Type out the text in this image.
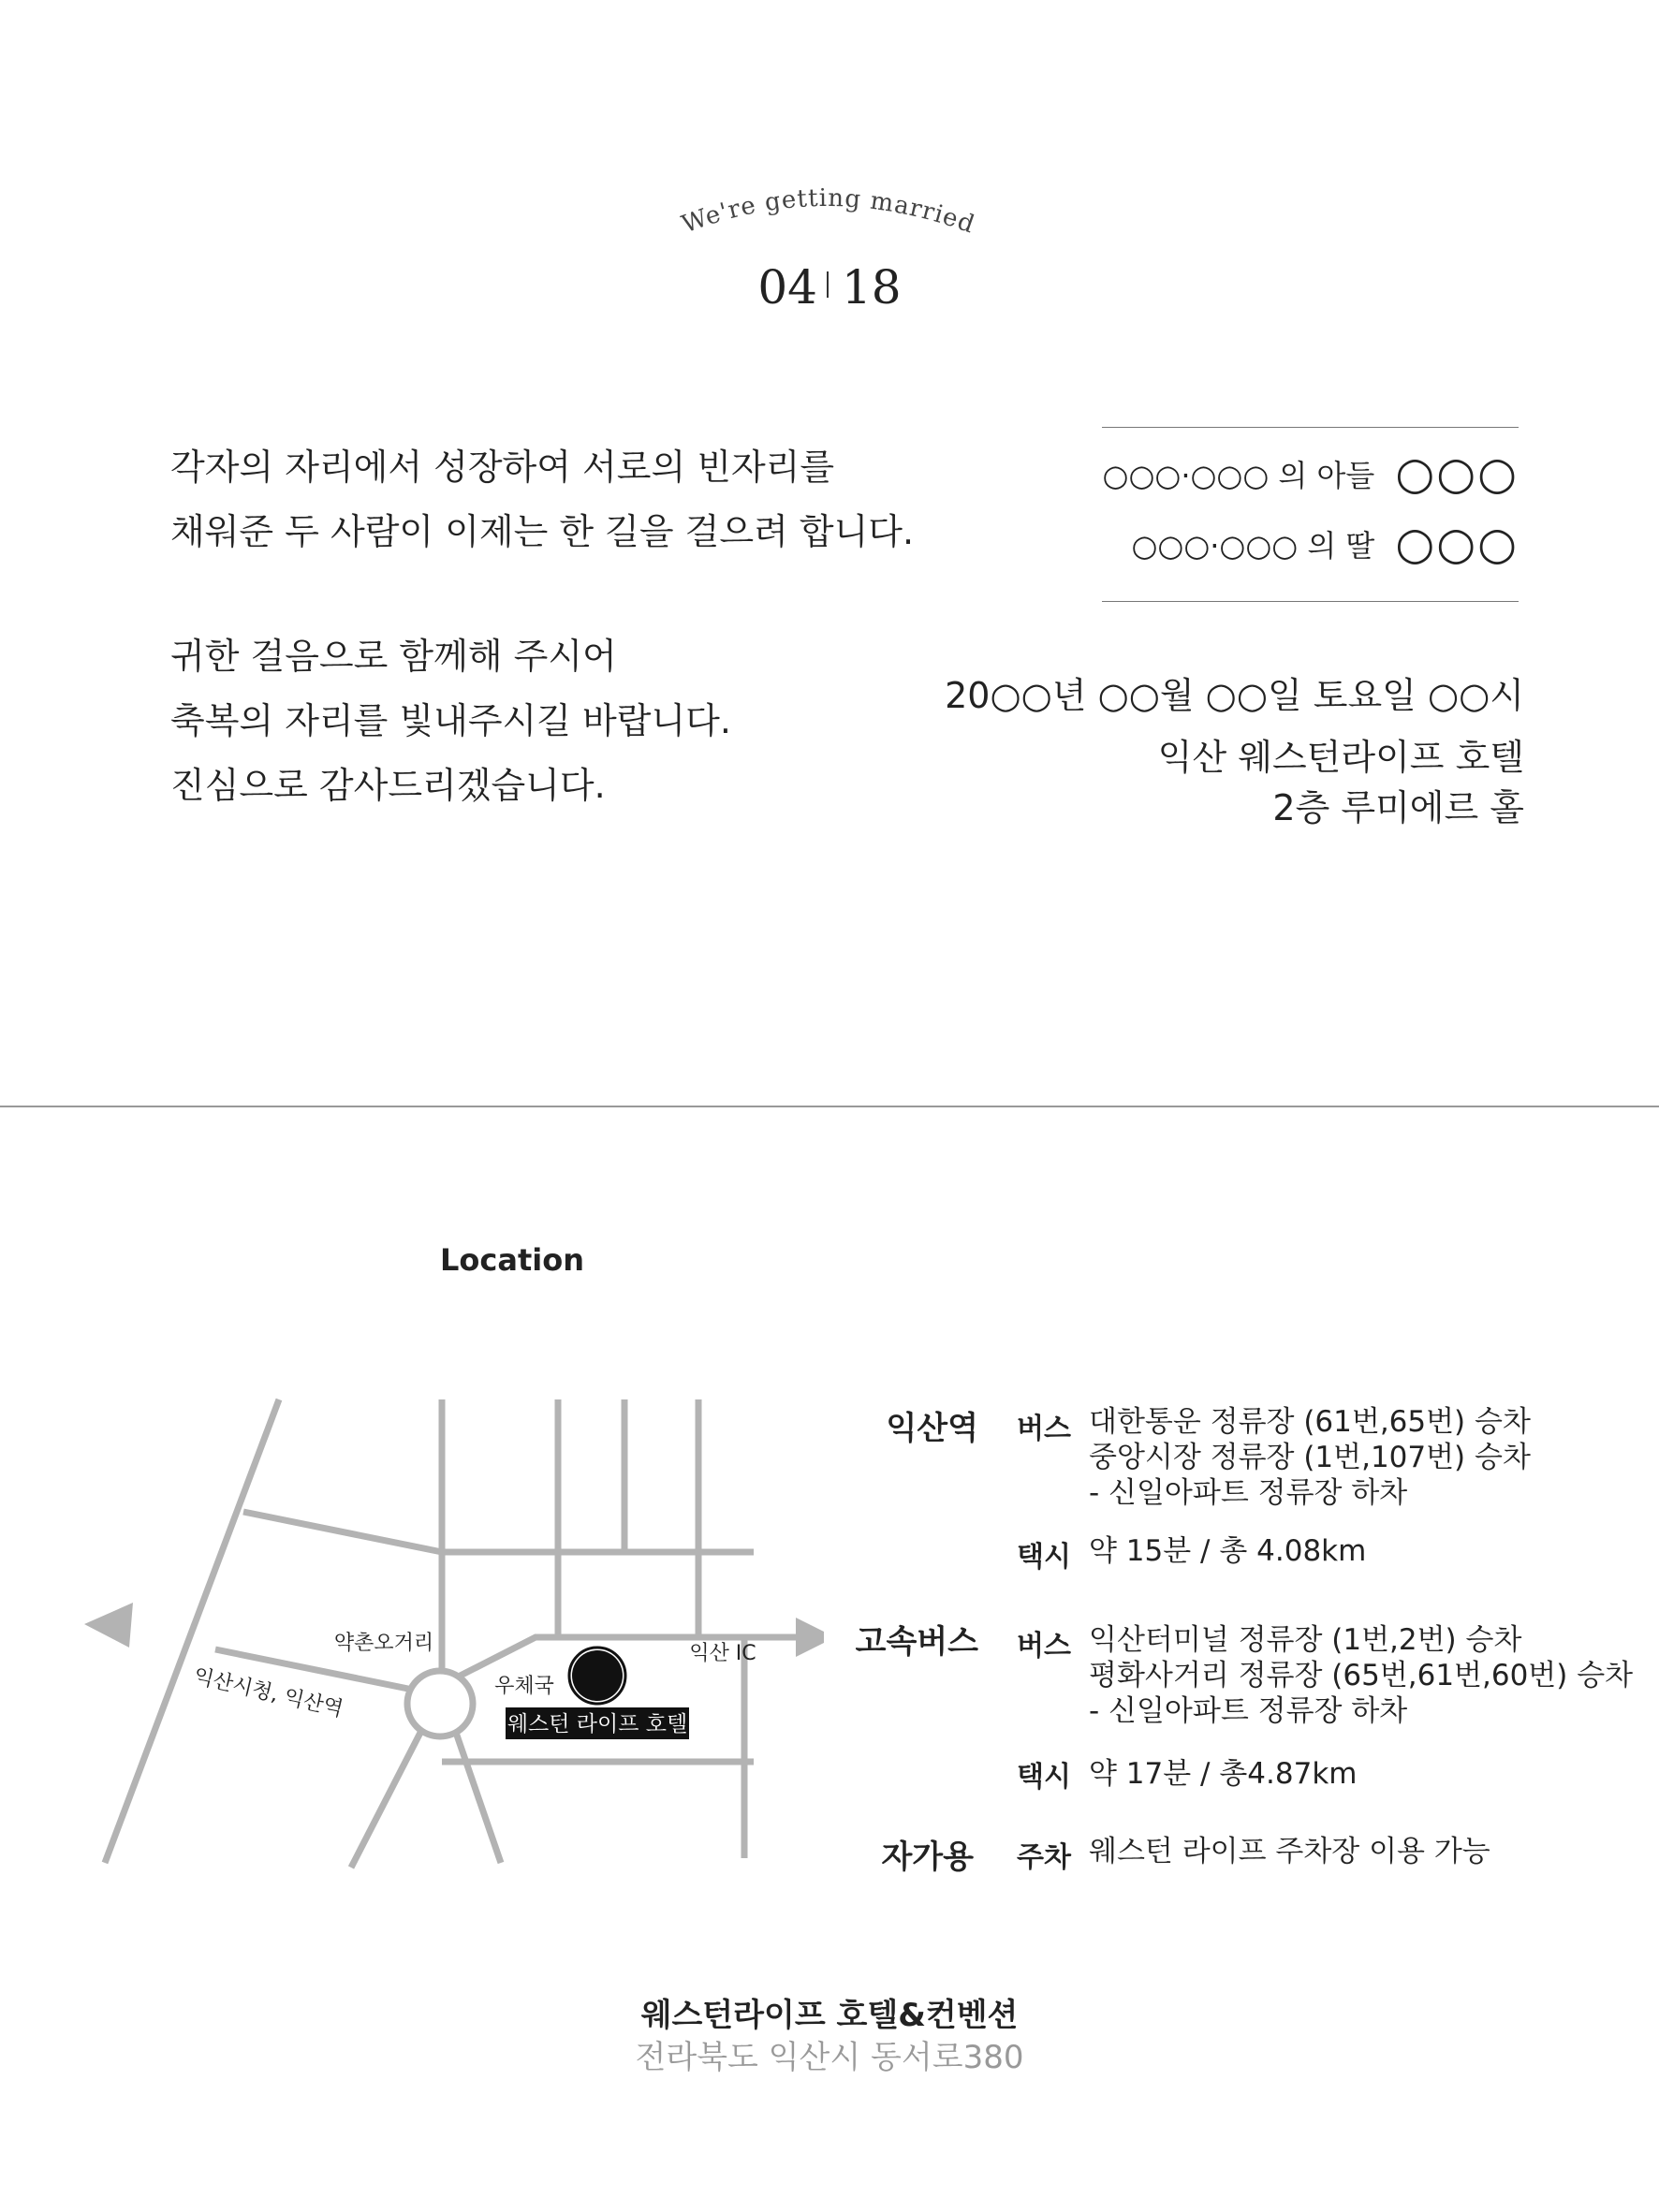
We're getting married
04 18
각자의 자리에서 성장하여 서로의 빈자리를
채워준 두 사람이 이제는 한 길을 걸으려 합니다.
귀한 걸음으로 함께해 주시어
축복의 자리를 빛내주시길 바랍니다.
진심으로 감사드리겠습니다.
○○○·○○○ 의 아들 ○○○
○○○·○○○ 의 딸 ○○○
20○○년 ○○월 ○○일 토요일 ○○시
익산 웨스턴라이프 호텔
2층 루미에르 홀
Location
웨스턴 라이프 호텔
약촌오거리
우체국
익산 IC
익산시청, 익산역
익산역 버스 대한통운 정류장 (61번,65번) 승차
중앙시장 정류장 (1번,107번) 승차
- 신일아파트 정류장 하차
택시 약 15분 / 총 4.08km
고속버스 버스 익산터미널 정류장 (1번,2번) 승차
평화사거리 정류장 (65번,61번,60번) 승차
- 신일아파트 정류장 하차
택시 약 17분 / 총4.87km
자가용 주차 웨스턴 라이프 주차장 이용 가능
웨스턴라이프 호텔&컨벤션
전라북도 익산시 동서로380
